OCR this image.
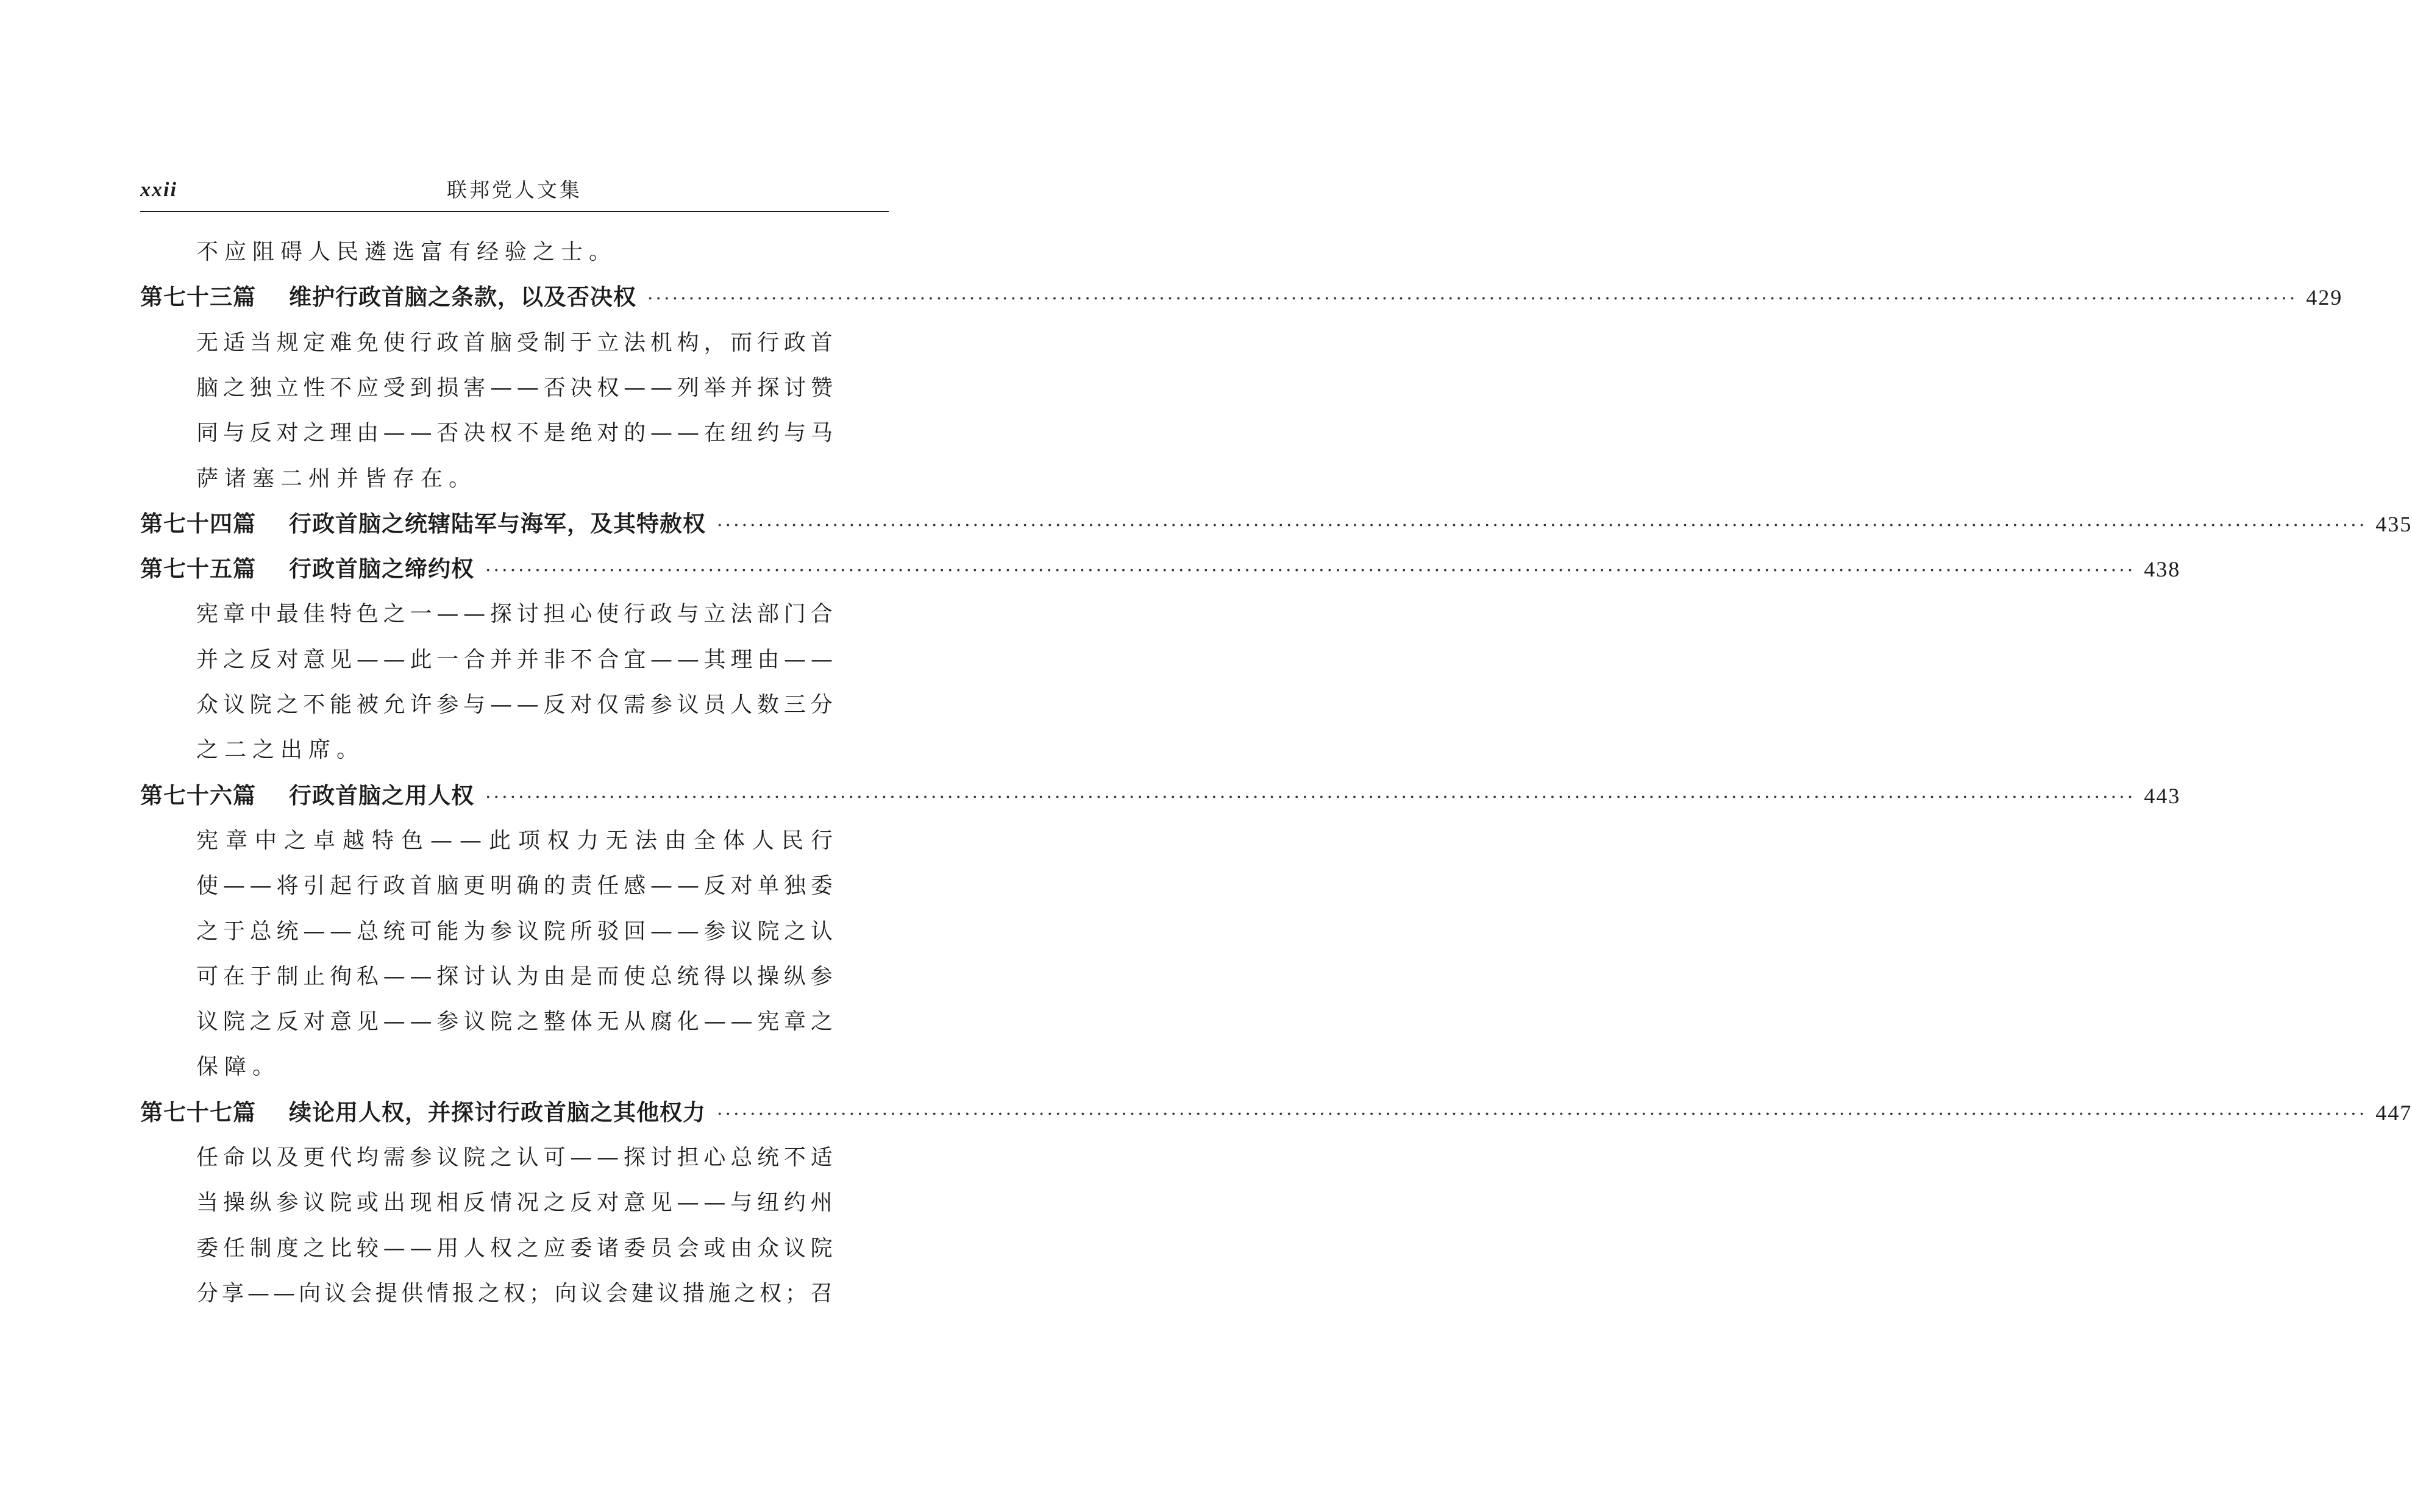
xxii	联邦党人文集
不应阻碍人民遴选富有经验之士。
第七十三篇 维护行政首脑之条款，以及否决权 ········································································································································································································ 429
无 适 当 规 定 难 免 使 行 政 首 脑 受 制 于 立 法 机 构 ， 而 行 政 首
脑 之 独 立 性 不 应 受 到 损 害 — — 否 决 权 — — 列 举 并 探 讨 赞
同 与 反 对 之 理 由 — — 否 决 权 不 是 绝 对 的 — — 在 纽 约 与 马
萨诸塞二州并皆存在。
第七十四篇 行政首脑之统辖陆军与海军，及其特赦权 ········································································································································································································ 435
第七十五篇 行政首脑之缔约权 ········································································································································································································ 438
宪 章 中 最 佳 特 色 之 一 — — 探 讨 担 心 使 行 政 与 立 法 部 门 合
并 之 反 对 意 见 — — 此 一 合 并 并 非 不 合 宜 — — 其 理 由 — —
众 议 院 之 不 能 被 允 许 参 与 — — 反 对 仅 需 参 议 员 人 数 三 分
之二之出席。
第七十六篇 行政首脑之用人权 ········································································································································································································ 443
宪 章 中 之 卓 越 特 色 — — 此 项 权 力 无 法 由 全 体 人 民 行
使 — — 将 引 起 行 政 首 脑 更 明 确 的 责 任 感 — — 反 对 单 独 委
之 于 总 统 — — 总 统 可 能 为 参 议 院 所 驳 回 — — 参 议 院 之 认
可 在 于 制 止 徇 私 — — 探 讨 认 为 由 是 而 使 总 统 得 以 操 纵 参
议 院 之 反 对 意 见 — — 参 议 院 之 整 体 无 从 腐 化 — — 宪 章 之
保障。
第七十七篇 续论用人权，并探讨行政首脑之其他权力 ········································································································································································································ 447
任 命 以 及 更 代 均 需 参 议 院 之 认 可 — — 探 讨 担 心 总 统 不 适
当 操 纵 参 议 院 或 出 现 相 反 情 况 之 反 对 意 见 — — 与 纽 约 州
委 任 制 度 之 比 较 — — 用 人 权 之 应 委 诸 委 员 会 或 由 众 议 院
分 享 — — 向 议 会 提 供 情 报 之 权 ； 向 议 会 建 议 措 施 之 权 ； 召
